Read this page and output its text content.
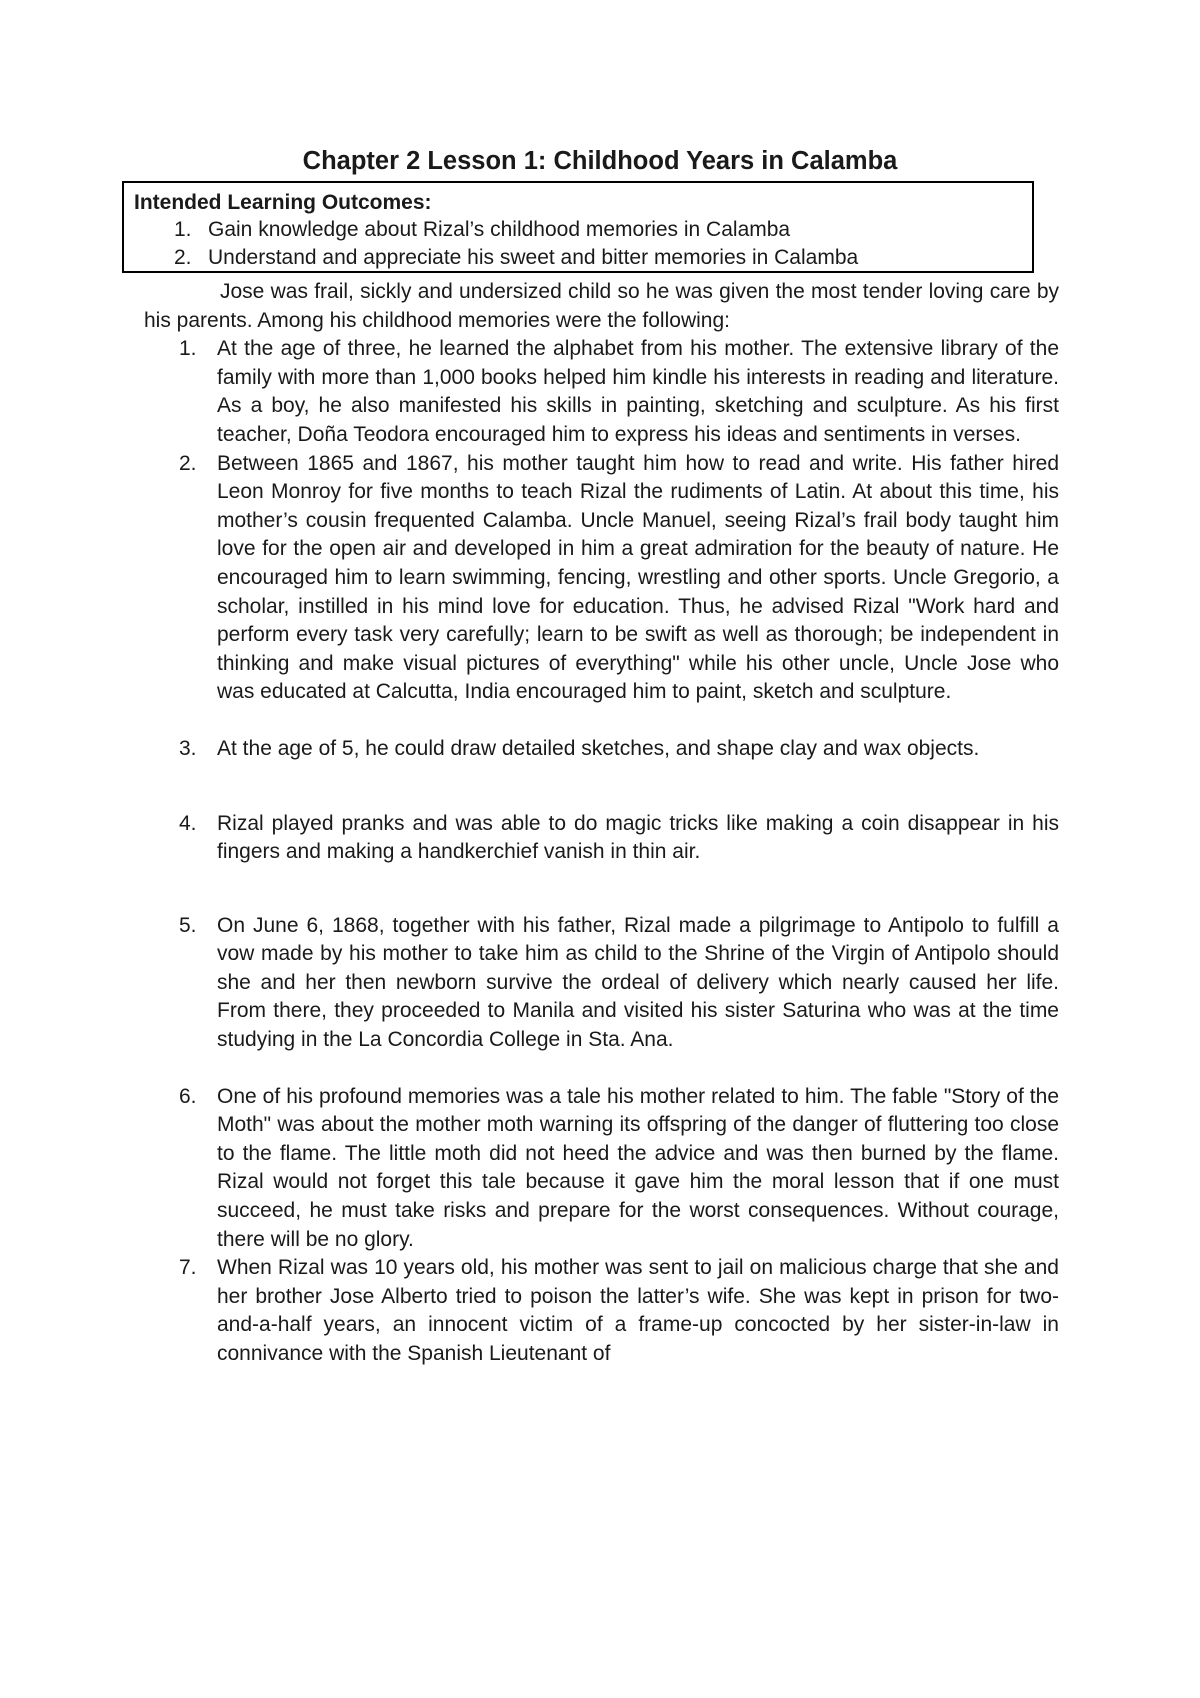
Chapter 2 Lesson 1: Childhood Years in Calamba

Intended Learning Outcomes:

1. Gain knowledge about Rizal’s childhood memories in Calamba
2. Understand and appreciate his sweet and bitter memories in Calamba

Jose was frail, sickly and undersized child so he was given the most tender loving care by his parents. Among his childhood memories were the following:

1. At the age of three, he learned the alphabet from his mother. The extensive library of the family with more than 1,000 books helped him kindle his interests in reading and literature. As a boy, he also manifested his skills in painting, sketching and sculpture. As his first teacher, Doña Teodora encouraged him to express his ideas and sentiments in verses.
2. Between 1865 and 1867, his mother taught him how to read and write. His father hired Leon Monroy for five months to teach Rizal the rudiments of Latin. At about this time, his mother’s cousin frequented Calamba. Uncle Manuel, seeing Rizal’s frail body taught him love for the open air and developed in him a great admiration for the beauty of nature. He encouraged him to learn swimming, fencing, wrestling and other sports. Uncle Gregorio, a scholar, instilled in his mind love for education. Thus, he advised Rizal "Work hard and perform every task very carefully; learn to be swift as well as thorough; be independent in thinking and make visual pictures of everything" while his other uncle, Uncle Jose who was educated at Calcutta, India encouraged him to paint, sketch and sculpture.
3. At the age of 5, he could draw detailed sketches, and shape clay and wax objects.
4. Rizal played pranks and was able to do magic tricks like making a coin disappear in his fingers and making a handkerchief vanish in thin air.
5. On June 6, 1868, together with his father, Rizal made a pilgrimage to Antipolo to fulfill a vow made by his mother to take him as child to the Shrine of the Virgin of Antipolo should she and her then newborn survive the ordeal of delivery which nearly caused her life. From there, they proceeded to Manila and visited his sister Saturina who was at the time studying in the La Concordia College in Sta. Ana.
6. One of his profound memories was a tale his mother related to him. The fable "Story of the Moth" was about the mother moth warning its offspring of the danger of fluttering too close to the flame. The little moth did not heed the advice and was then burned by the flame. Rizal would not forget this tale because it gave him the moral lesson that if one must succeed, he must take risks and prepare for the worst consequences. Without courage, there will be no glory.
7. When Rizal was 10 years old, his mother was sent to jail on malicious charge that she and her brother Jose Alberto tried to poison the latter’s wife. She was kept in prison for two-and-a-half years, an innocent victim of a frame-up concocted by her sister-in-law in connivance with the Spanish Lieutenant of
